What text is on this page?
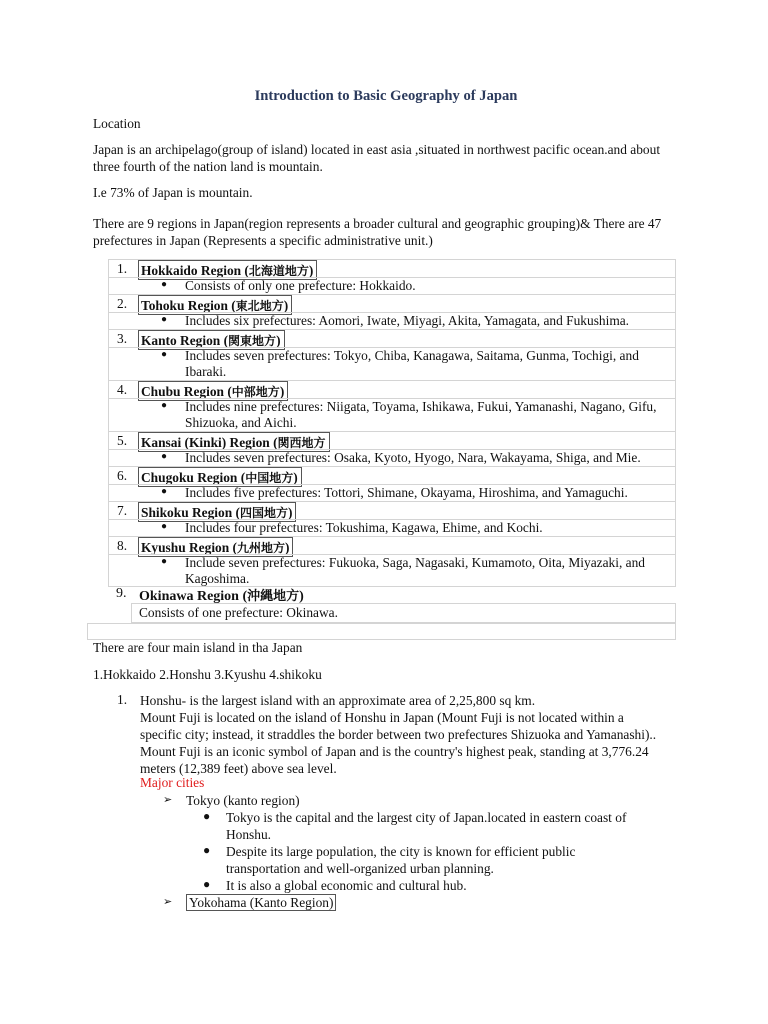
Introduction to Basic Geography of Japan
Location
Japan is an archipelago(group of island) located in east asia ,situated in northwest pacific ocean.and about three fourth of the nation land is mountain.
I.e 73% of Japan is mountain.
There are 9 regions in Japan(region represents a broader cultural and geographic grouping)& There are 47 prefectures in Japan (Represents a specific administrative unit.)
1.	Hokkaido Region (北海道地方)
● Consists of only one prefecture: Hokkaido.
2.	Tohoku Region (東北地方)
● Includes six prefectures: Aomori, Iwate, Miyagi, Akita, Yamagata, and Fukushima.
3.	Kanto Region (関東地方)
● Includes seven prefectures: Tokyo, Chiba, Kanagawa, Saitama, Gunma, Tochigi, and Ibaraki.
4.	Chubu Region (中部地方)
● Includes nine prefectures: Niigata, Toyama, Ishikawa, Fukui, Yamanashi, Nagano, Gifu, Shizuoka, and Aichi.
5.	Kansai (Kinki) Region (関西地方
● Includes seven prefectures: Osaka, Kyoto, Hyogo, Nara, Wakayama, Shiga, and Mie.
6.	Chugoku Region (中国地方)
● Includes five prefectures: Tottori, Shimane, Okayama, Hiroshima, and Yamaguchi.
7.	Shikoku Region (四国地方)
● Includes four prefectures: Tokushima, Kagawa, Ehime, and Kochi.
8.	Kyushu Region (九州地方)
● Include seven prefectures: Fukuoka, Saga, Nagasaki, Kumamoto, Oita, Miyazaki, and Kagoshima.
9. Okinawa Region (沖縄地方)
Consists of one prefecture: Okinawa.
There are four main island in tha Japan
1.Hokkaido 2.Honshu 3.Kyushu 4.shikoku
1. Honshu- is the largest island with an approximate area of 2,25,800 sq km.
Mount Fuji is located on the island of Honshu in Japan (Mount Fuji is not located within a specific city; instead, it straddles the border between two prefectures Shizuoka and Yamanashi).. Mount Fuji is an iconic symbol of Japan and is the country's highest peak, standing at 3,776.24 meters (12,389 feet) above sea level.
Major cities
➢ Tokyo (kanto region)
● Tokyo is the capital and the largest city of Japan.located in eastern coast of Honshu.
● Despite its large population, the city is known for efficient public transportation and well-organized urban planning.
● It is also a global economic and cultural hub.
➢ Yokohama (Kanto Region)
